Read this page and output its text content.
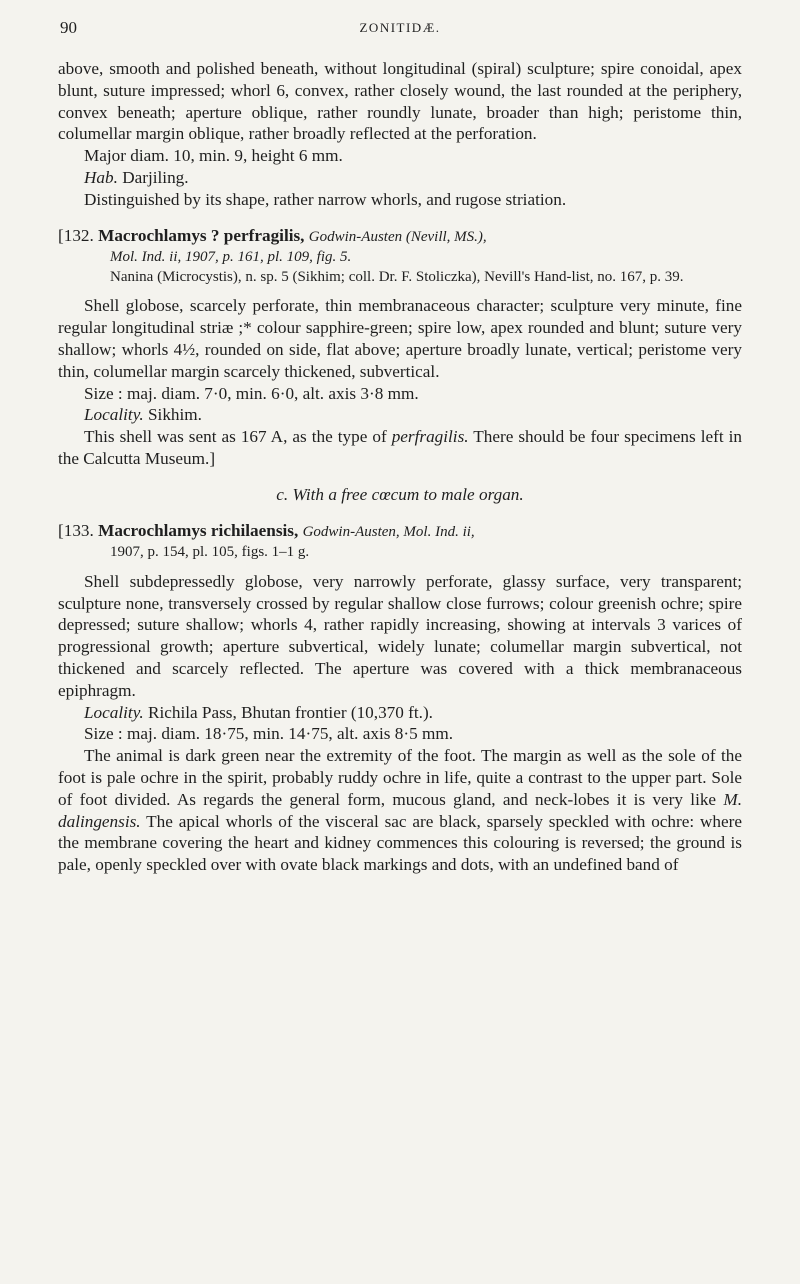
90	ZONITIDÆ.

above, smooth and polished beneath, without longitudinal (spiral) sculpture; spire conoidal, apex blunt, suture impressed; whorl 6, convex, rather closely wound, the last rounded at the periphery, convex beneath; aperture oblique, rather roundly lunate, broader than high; peristome thin, columellar margin oblique, rather broadly reflected at the perforation.

Major diam. 10, min. 9, height 6 mm.

Hab. Darjiling.

Distinguished by its shape, rather narrow whorls, and rugose striation.

[132. Macrochlamys ? perfragilis, Godwin-Austen (Nevill, MS.),
Mol. Ind. ii, 1907, p. 161, pl. 109, fig. 5.
Nanina (Microcystis), n. sp. 5 (Sikhim; coll. Dr. F. Stoliczka), Nevill's Hand-list, no. 167, p. 39.

Shell globose, scarcely perforate, thin membranaceous character; sculpture very minute, fine regular longitudinal striæ ;* colour sapphire-green; spire low, apex rounded and blunt; suture very shallow; whorls 4½, rounded on side, flat above; aperture broadly lunate, vertical; peristome very thin, columellar margin scarcely thickened, subvertical.

Size : maj. diam. 7·0, min. 6·0, alt. axis 3·8 mm.

Locality. Sikhim.

This shell was sent as 167 A, as the type of perfragilis. There should be four specimens left in the Calcutta Museum.]

c. With a free cœcum to male organ.

[133. Macrochlamys richilaensis, Godwin-Austen, Mol. Ind. ii,
1907, p. 154, pl. 105, figs. 1–1 g.

Shell subdepressedly globose, very narrowly perforate, glassy surface, very transparent; sculpture none, transversely crossed by regular shallow close furrows; colour greenish ochre; spire depressed; suture shallow; whorls 4, rather rapidly increasing, showing at intervals 3 varices of progressional growth; aperture subvertical, widely lunate; columellar margin subvertical, not thickened and scarcely reflected. The aperture was covered with a thick membranaceous epiphragm.

Locality. Richila Pass, Bhutan frontier (10,370 ft.).

Size : maj. diam. 18·75, min. 14·75, alt. axis 8·5 mm.

The animal is dark green near the extremity of the foot. The margin as well as the sole of the foot is pale ochre in the spirit, probably ruddy ochre in life, quite a contrast to the upper part. Sole of foot divided. As regards the general form, mucous gland, and neck-lobes it is very like M. dalingensis. The apical whorls of the visceral sac are black, sparsely speckled with ochre: where the membrane covering the heart and kidney commences this colouring is reversed; the ground is pale, openly speckled over with ovate black markings and dots, with an undefined band of
